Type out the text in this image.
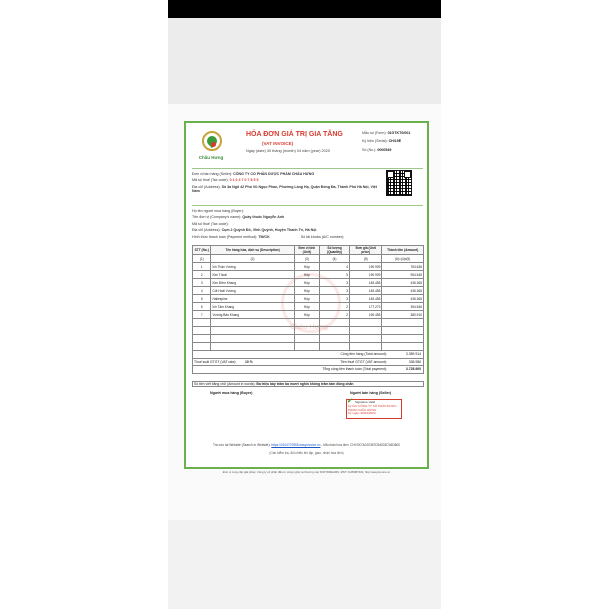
Châu Hưng
Châu Hưng
HÓA ĐƠN GIÁ TRỊ GIA TĂNG
(VAT INVOICE)
Ngày (date) 30 tháng (month) 04 năm (year) 2020
Mẫu số (Form): 01GTKT0/001
Ký hiệu (Serial): CH/19E
Số (No.): 0000549
Đơn vị bán hàng (Seller): CÔNG TY CỔ PHẦN DƯỢC PHẨM CHÂU HƯNG
Mã số thuế (Tax code): 0 1 0 4 7 0 7 8 5 5
Địa chỉ (Address): Số 3a Ngõ 42 Phố Vũ Ngọc Phan, Phường Láng Hạ, Quận Đống Đa, Thành Phố Hà Nội, Việt Nam
Họ tên người mua hàng (Buyer):
Tên đơn vị (Company's name): Quầy thuốc Nguyễn Anh
Mã số thuế (Tax code):
Địa chỉ (Address): Cụm 2 Quỳnh Đô, Vĩnh Quỳnh, Huyện Thanh Trì, Hà Nội
Hình thức thanh toán (Payment method): TM/CK	Số tài khoản (A/C number):
STT (No.)	Tên hàng hóa, dịch vụ (Description)	Đơn vị tính (Unit)	Số lượng (Quantity)	Đơn giá (Unit price)	Thành tiền (Amount)
(1)	(2)	(3)	(4)	(5)	(6)=(4)x(5)
1	Ích Thận Vương	Hộp	4	190.909	763.636
2	Kim Thoái	Hộp	5	190.909	954.545
3	Kim Đởm Khang	Hộp	3	145.455	436.365
4	Cốt Hoài Vương	Hộp	3	145.455	436.365
5	Hallespine	Hộp	3	145.455	436.365
6	Ích Tâm Khang	Hộp	2	177.273	354.546
7	Vương Bảo Khang	Hộp	2	190.455	380.910

Cộng tiền hàng (Total amount):	3.389.914
Thuế suất GTGT (VAT rate):	10 %	Tiền thuế GTGT (VAT amount):	338.986
Tổng cộng tiền thanh toán (Total payment):	3.728.900
Số tiền viết bằng chữ (Amount in words): Ba triệu bảy trăm ba mươi nghìn không trăm tám đồng chẵn
Người mua hàng (Buyer)	Người bán hàng (Seller)
Signature Valid
Ký bởi: CÔNG TY CỔ PHẦN DƯỢC PHẨM CHÂU HƯNG
Ký ngày: 30/04/2020
✔
Tra cứu tại Website (Search in Website): https://0104707855.easyinvoice.vn - Mã nhận hóa đơn: CHV3X7A020367D5453D746D800
(Cần kiểm tra, đối chiếu khi lập, giao, nhận hóa đơn)
Đơn vị cung cấp giải pháp: Công ty cổ phần đầu tư công nghệ và thương mại SOFTDREAMS, MST: 0105987432, http://easyinvoice.vn
